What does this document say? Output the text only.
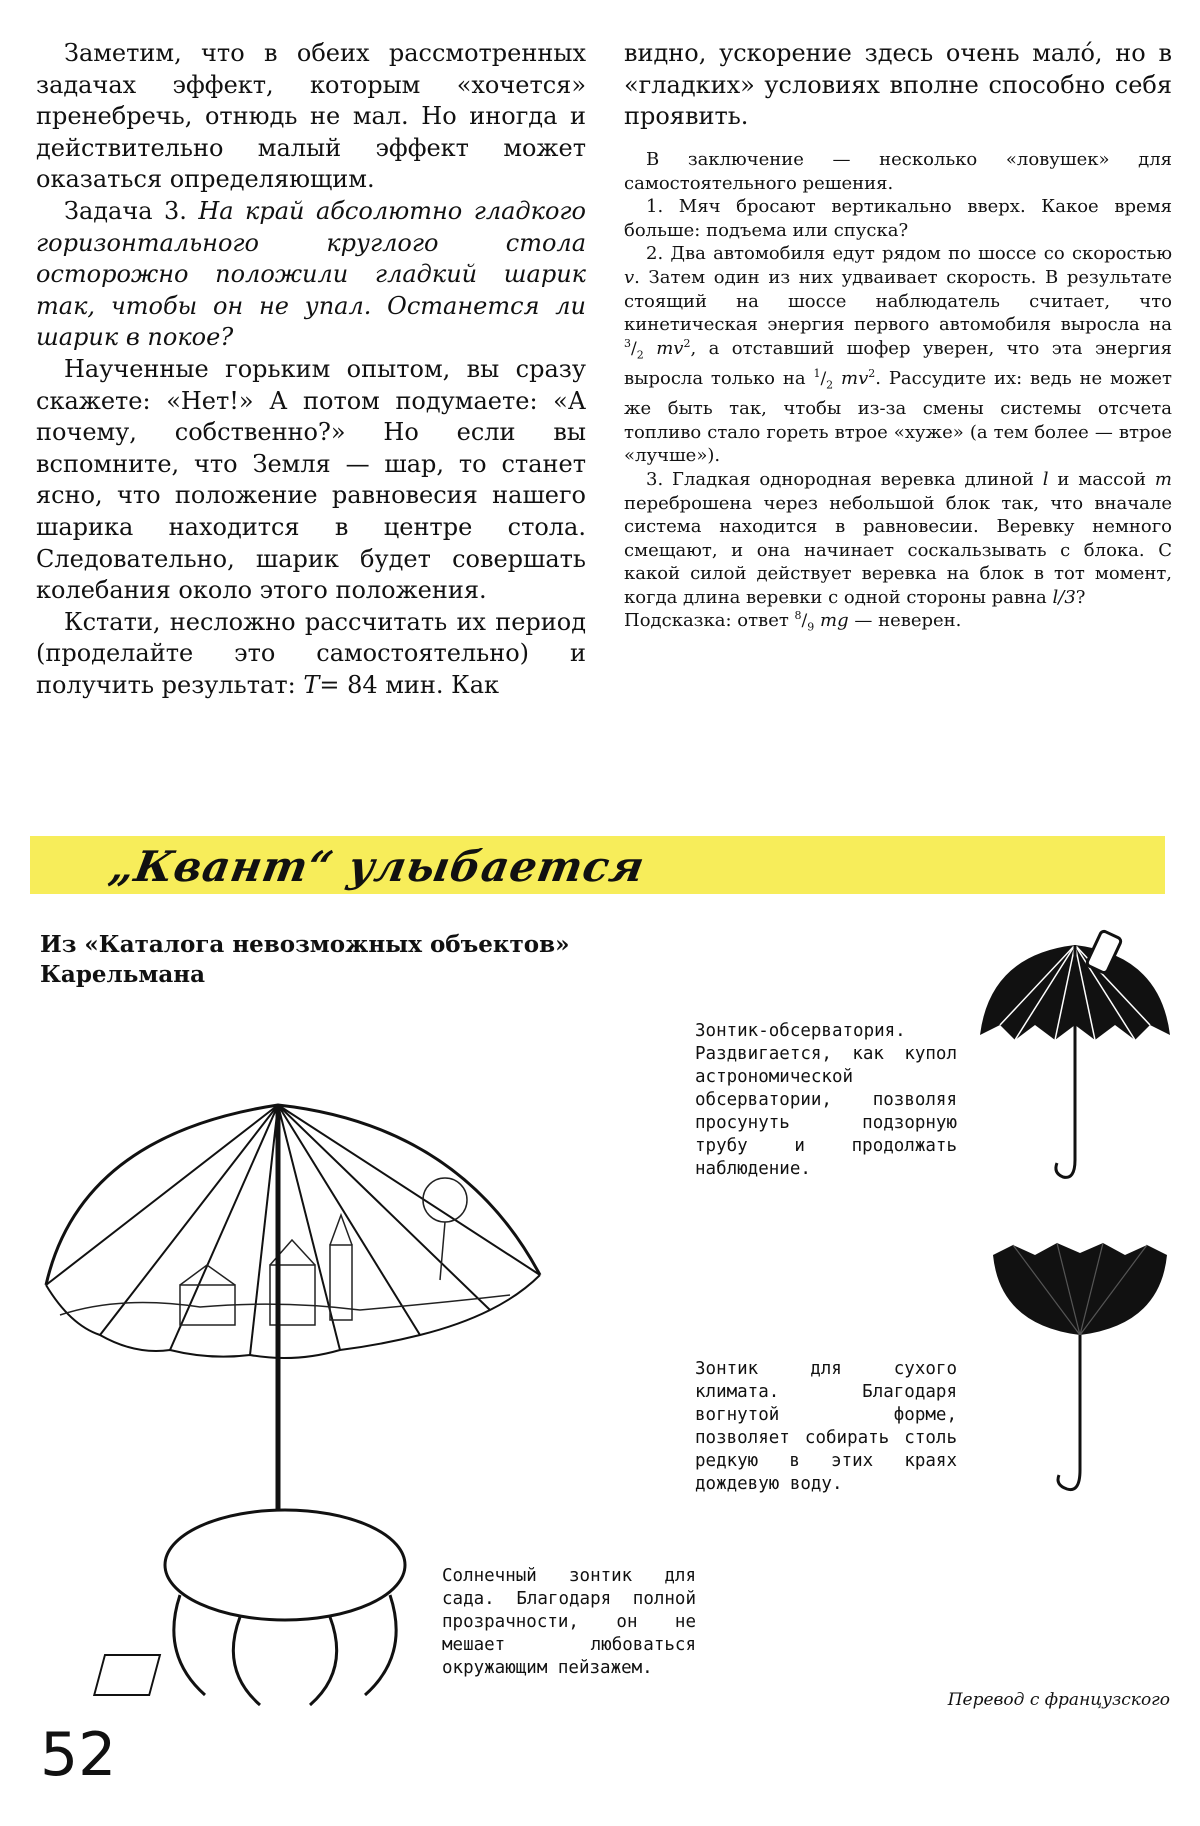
Заметим, что в обеих рассмотренных задачах эффект, которым «хочется» пренебречь, отнюдь не мал. Но иногда и действительно малый эффект может оказаться определяющим.

Задача 3. На край абсолютно гладкого горизонтального круглого стола осторожно положили гладкий шарик так, чтобы он не упал. Останется ли шарик в покое?

Наученные горьким опытом, вы сразу скажете: «Нет!» А потом подумаете: «А почему, собственно?» Но если вы вспомните, что Земля — шар, то станет ясно, что положение равновесия нашего шарика находится в центре стола. Следовательно, шарик будет совершать колебания около этого положения.

Кстати, несложно рассчитать их период (проделайте это самостоятельно) и получить результат: T= 84 мин. Как

видно, ускорение здесь очень мало́, но в «гладких» условиях вполне способно себя проявить.

В заключение — несколько «ловушек» для самостоятельного решения.

1. Мяч бросают вертикально вверх. Какое время больше: подъема или спуска?

2. Два автомобиля едут рядом по шоссе со скоростью v. Затем один из них удваивает скорость. В результате стоящий на шоссе наблюдатель считает, что кинетическая энергия первого автомобиля выросла на $^3/_2$ $mv^2$, а отставший шофер уверен, что эта энергия выросла только на $^1/_2$ $mv^2$. Рассудите их: ведь не может же быть так, чтобы из-за смены системы отсчета топливо стало гореть втрое «хуже» (а тем более — втрое «лучше»).

3. Гладкая однородная веревка длиной l и массой m переброшена через небольшой блок так, что вначале система находится в равновесии. Веревку немного смещают, и она начинает соскальзывать с блока. С какой силой действует веревка на блок в тот момент, когда длина веревки с одной стороны равна l/3?

Подсказка: ответ $^8/_9$ mg — неверен.

„Квант“ улыбается
Из «Каталога невозможных объектов» Карельмана

Зонтик-обсерватория. Раздвигается, как купол астрономической обсерватории, позволяя просунуть подзорную трубу и продолжать наблюдение.

Зонтик для сухого климата. Благодаря вогнутой форме, позволяет собирать столь редкую в этих краях дождевую воду.

Солнечный зонтик для сада. Благодаря полной прозрачности, он не мешает любоваться окружающим пейзажем.

Перевод с французского
52
